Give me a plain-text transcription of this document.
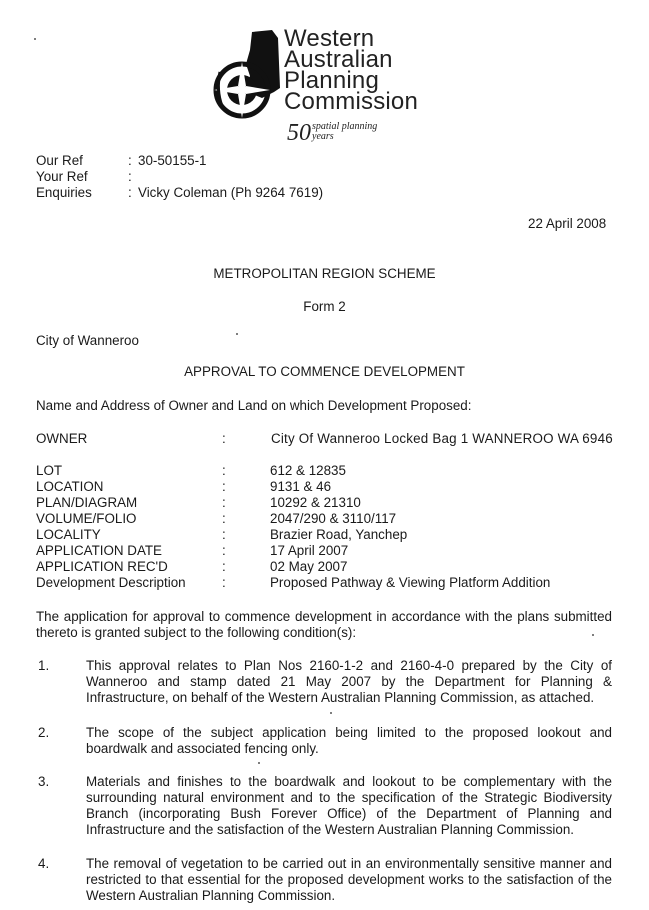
Western
Australian
Planning
Commission
50 spatial planning
years
Our Ref	: 30-50155-1
Your Ref	:
Enquiries	: Vicky Coleman (Ph 9264 7619)
22 April 2008
METROPOLITAN REGION SCHEME
Form 2
City of Wanneroo
APPROVAL TO COMMENCE DEVELOPMENT
Name and Address of Owner and Land on which Development Proposed:
OWNER	:	City Of Wanneroo Locked Bag 1 WANNEROO WA 6946
LOT	:	612 & 12835
LOCATION	:	9131 & 46
PLAN/DIAGRAM	:	10292 & 21310
VOLUME/FOLIO	:	2047/290 & 3110/117
LOCALITY	:	Brazier Road, Yanchep
APPLICATION DATE	:	17 April 2007
APPLICATION REC'D	:	02 May 2007
Development Description	:	Proposed Pathway & Viewing Platform Addition
The application for approval to commence development in accordance with the plans submitted thereto is granted subject to the following condition(s):
1.	This approval relates to Plan Nos 2160-1-2 and 2160-4-0 prepared by the City of Wanneroo and stamp dated 21 May 2007 by the Department for Planning & Infrastructure, on behalf of the Western Australian Planning Commission, as attached.
2.	The scope of the subject application being limited to the proposed lookout and boardwalk and associated fencing only.
3.	Materials and finishes to the boardwalk and lookout to be complementary with the surrounding natural environment and to the specification of the Strategic Biodiversity Branch (incorporating Bush Forever Office) of the Department of Planning and Infrastructure and the satisfaction of the Western Australian Planning Commission.
4.	The removal of vegetation to be carried out in an environmentally sensitive manner and restricted to that essential for the proposed development works to the satisfaction of the Western Australian Planning Commission.
